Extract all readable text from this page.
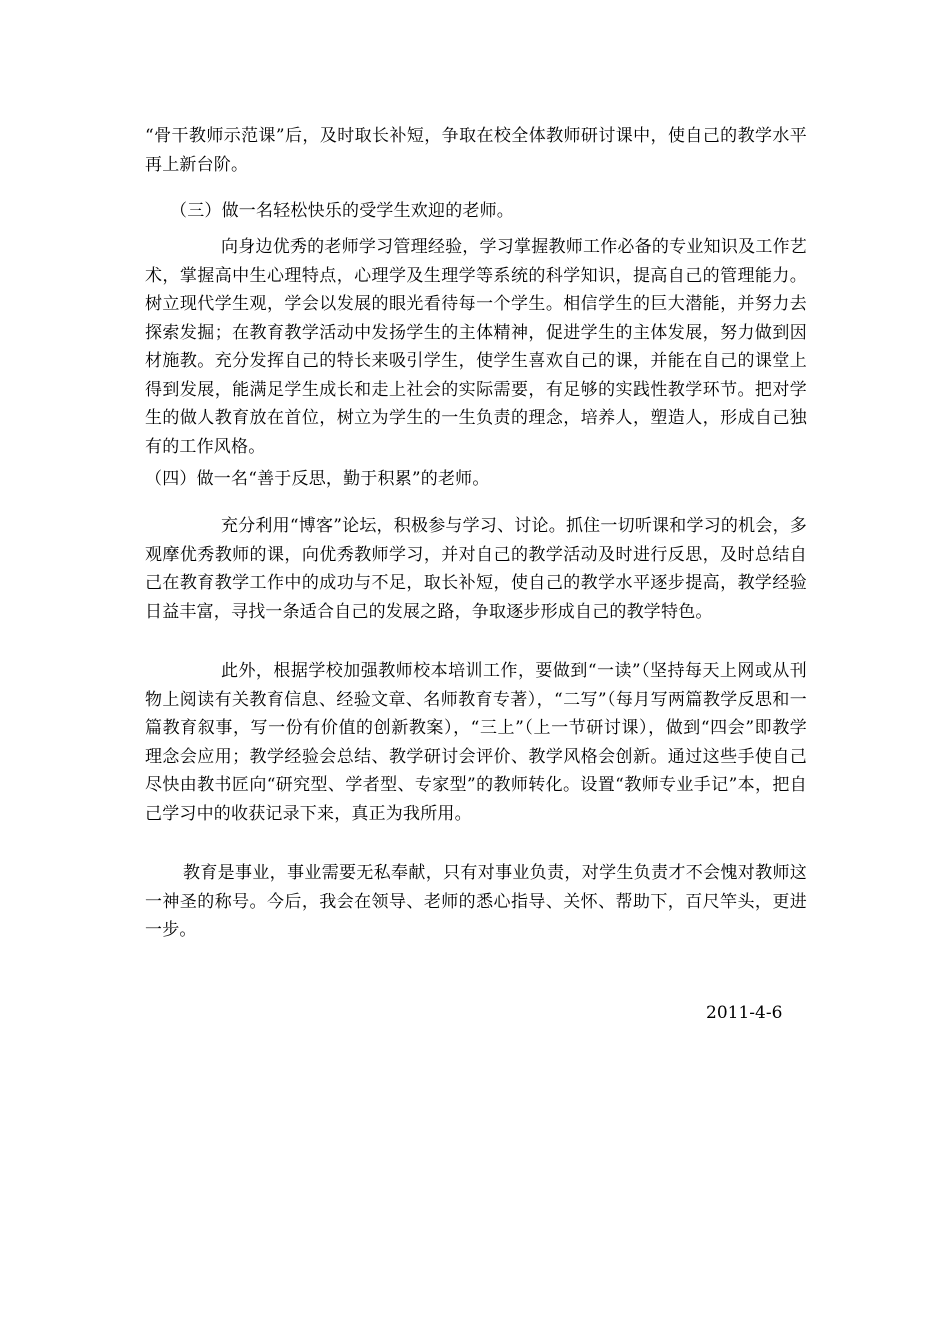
“骨干教师示范课”后，及时取长补短，争取在校全体教师研讨课中，使自己的教学水平再上新台阶。

（三）做一名轻松快乐的受学生欢迎的老师。

向身边优秀的老师学习管理经验，学习掌握教师工作必备的专业知识及工作艺术，掌握高中生心理特点，心理学及生理学等系统的科学知识，提高自己的管理能力。树立现代学生观，学会以发展的眼光看待每一个学生。相信学生的巨大潜能，并努力去探索发掘；在教育教学活动中发扬学生的主体精神，促进学生的主体发展，努力做到因材施教。充分发挥自己的特长来吸引学生，使学生喜欢自己的课，并能在自己的课堂上得到发展，能满足学生成长和走上社会的实际需要，有足够的实践性教学环节。把对学生的做人教育放在首位，树立为学生的一生负责的理念，培养人，塑造人，形成自己独有的工作风格。

（四）做一名“善于反思，勤于积累”的老师。

充分利用“博客”论坛，积极参与学习、讨论。抓住一切听课和学习的机会，多观摩优秀教师的课，向优秀教师学习，并对自己的教学活动及时进行反思，及时总结自己在教育教学工作中的成功与不足，取长补短，使自己的教学水平逐步提高，教学经验日益丰富，寻找一条适合自己的发展之路，争取逐步形成自己的教学特色。

此外，根据学校加强教师校本培训工作，要做到“一读”（坚持每天上网或从刊物上阅读有关教育信息、经验文章、名师教育专著），“二写”（每月写两篇教学反思和一篇教育叙事，写一份有价值的创新教案），“三上”（上一节研讨课），做到“四会”即教学理念会应用；教学经验会总结、教学研讨会评价、教学风格会创新。通过这些手使自己尽快由教书匠向“研究型、学者型、专家型”的教师转化。设置“教师专业手记”本，把自己学习中的收获记录下来，真正为我所用。

教育是事业，事业需要无私奉献，只有对事业负责，对学生负责才不会愧对教师这一神圣的称号。今后，我会在领导、老师的悉心指导、关怀、帮助下，百尺竿头，更进一步。

2011-4-6
